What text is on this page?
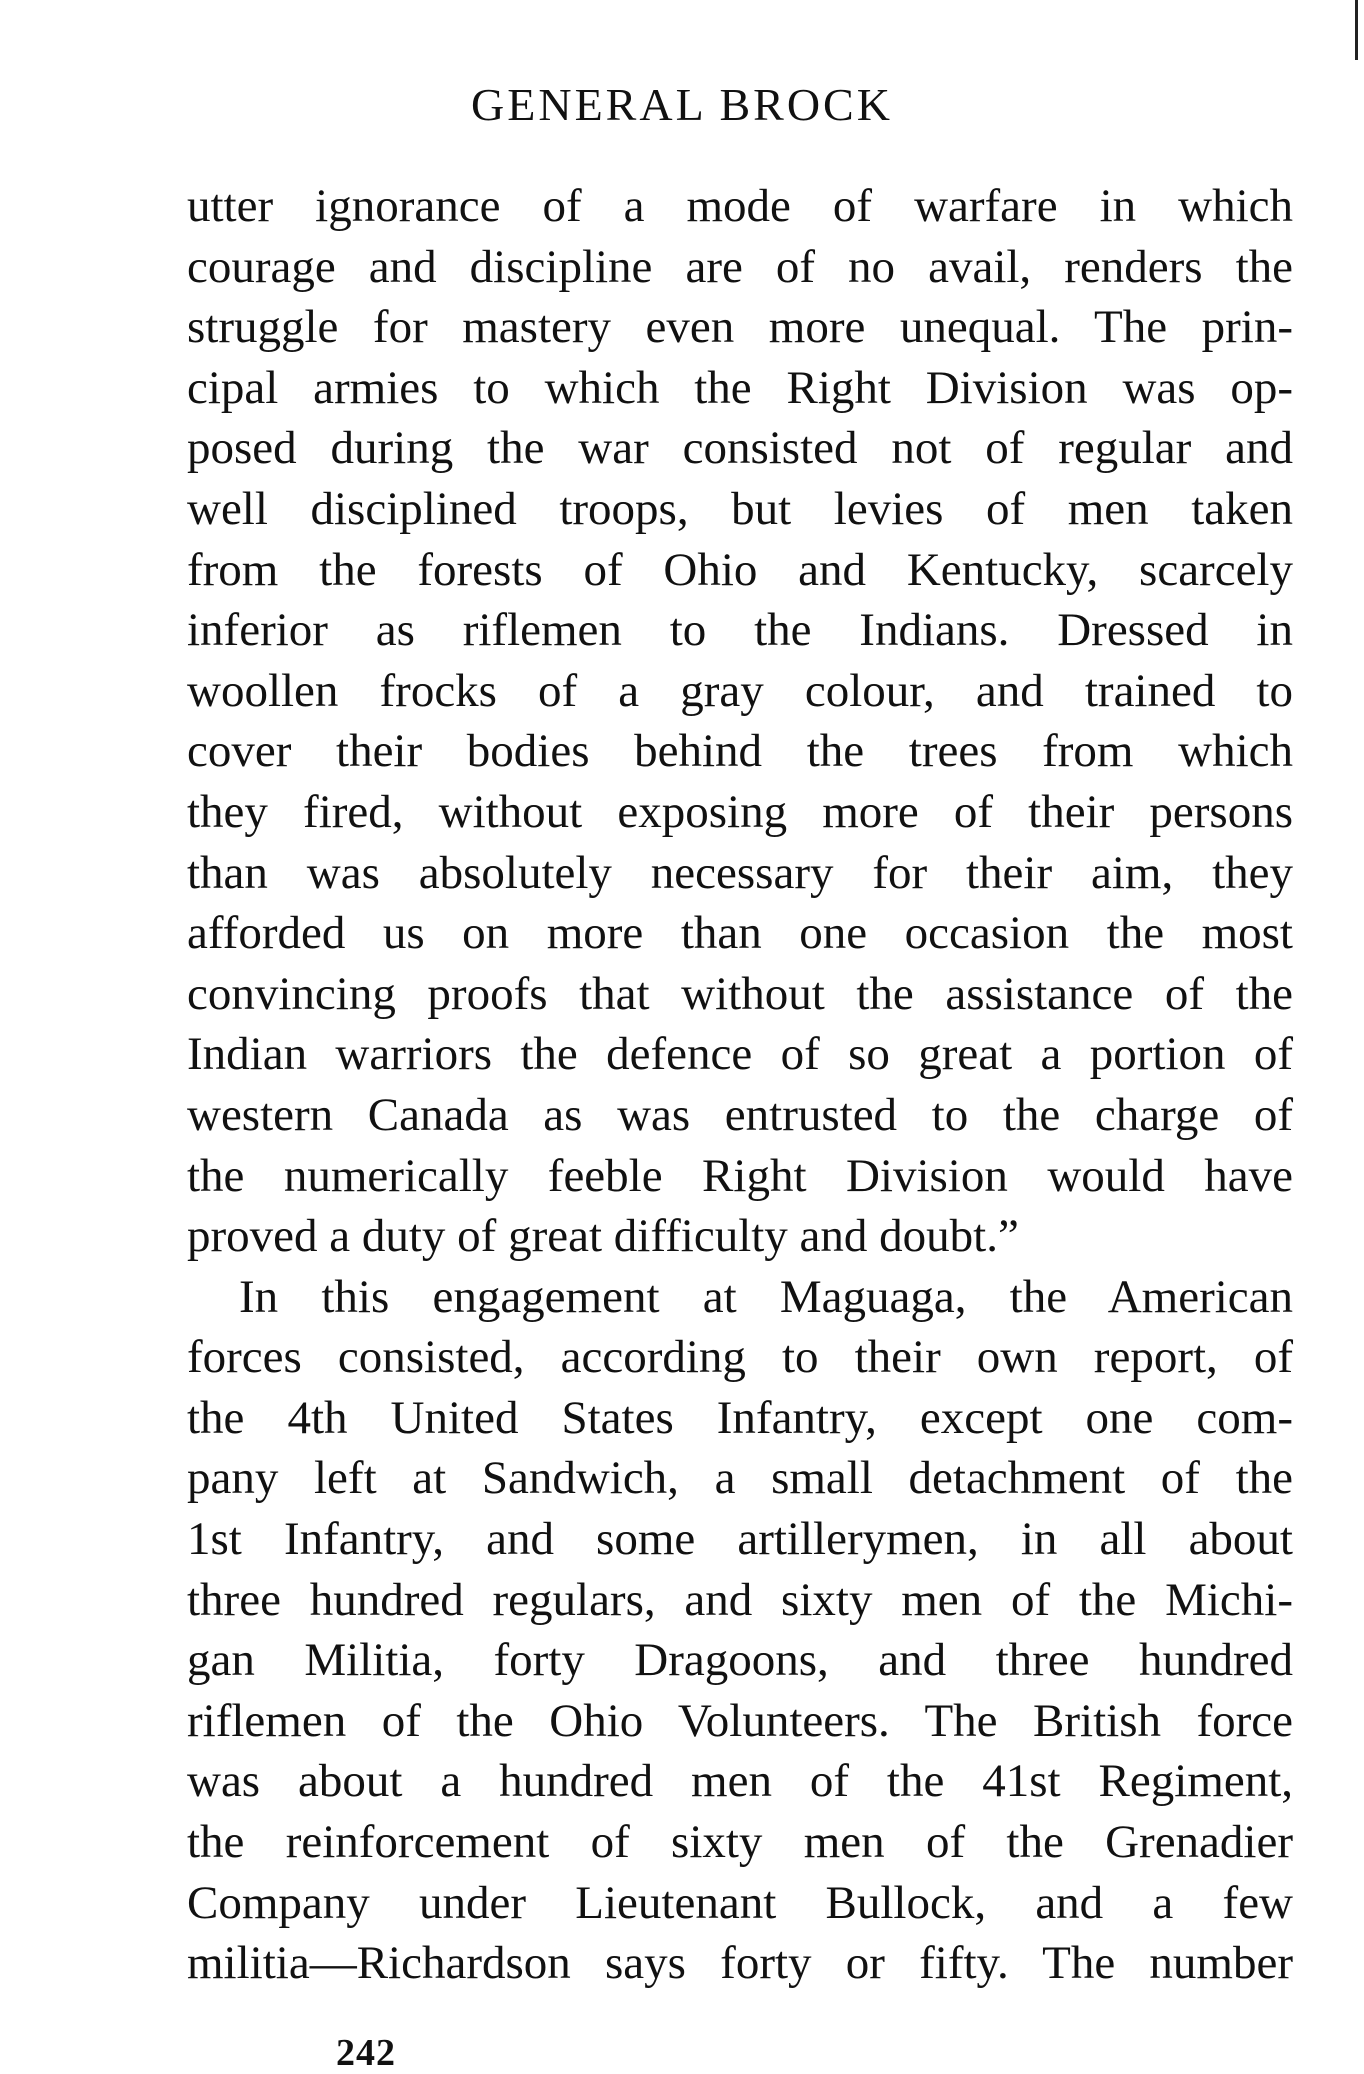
GENERAL BROCK
utter ignorance of a mode of warfare in which
courage and discipline are of no avail, renders the
struggle for mastery even more unequal. The prin-
cipal armies to which the Right Division was op-
posed during the war consisted not of regular and
well disciplined troops, but levies of men taken
from the forests of Ohio and Kentucky, scarcely
inferior as riflemen to the Indians. Dressed in
woollen frocks of a gray colour, and trained to
cover their bodies behind the trees from which
they fired, without exposing more of their persons
than was absolutely necessary for their aim, they
afforded us on more than one occasion the most
convincing proofs that without the assistance of the
Indian warriors the defence of so great a portion of
western Canada as was entrusted to the charge of
the numerically feeble Right Division would have
proved a duty of great difficulty and doubt.”
In this engagement at Maguaga, the American
forces consisted, according to their own report, of
the 4th United States Infantry, except one com-
pany left at Sandwich, a small detachment of the
1st Infantry, and some artillerymen, in all about
three hundred regulars, and sixty men of the Michi-
gan Militia, forty Dragoons, and three hundred
riflemen of the Ohio Volunteers. The British force
was about a hundred men of the 41st Regiment,
the reinforcement of sixty men of the Grenadier
Company under Lieutenant Bullock, and a few
militia—Richardson says forty or fifty. The number
242
